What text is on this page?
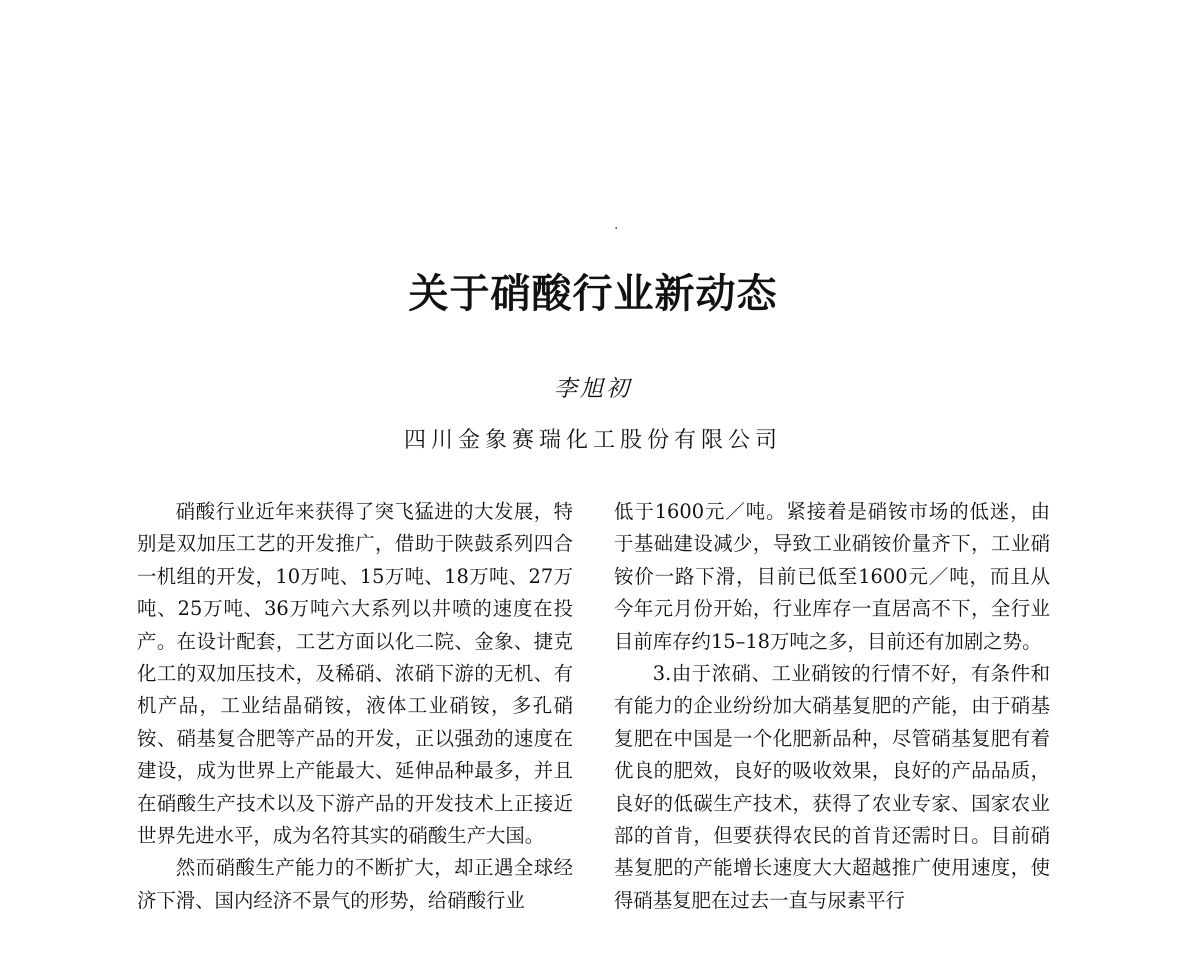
·
关于硝酸行业新动态
李旭初
四川金象赛瑞化工股份有限公司

硝酸行业近年来获得了突飞猛进的大发展，特别是双加压工艺的开发推广，借助于陕鼓系列四合一机组的开发，10万吨、15万吨、18万吨、27万吨、25万吨、36万吨六大系列以井喷的速度在投产。在设计配套，工艺方面以化二院、金象、捷克化工的双加压技术，及稀硝、浓硝下游的无机、有机产品，工业结晶硝铵，液体工业硝铵，多孔硝铵、硝基复合肥等产品的开发，正以强劲的速度在建设，成为世界上产能最大、延伸品种最多，并且在硝酸生产技术以及下游产品的开发技术上正接近世界先进水平，成为名符其实的硝酸生产大国。

然而硝酸生产能力的不断扩大，却正遇全球经济下滑、国内经济不景气的形势，给硝酸行业

低于1600元／吨。紧接着是硝铵市场的低迷，由于基础建设减少，导致工业硝铵价量齐下，工业硝铵价一路下滑，目前已低至1600元／吨，而且从今年元月份开始，行业库存一直居高不下，全行业目前库存约15–18万吨之多，目前还有加剧之势。

3.由于浓硝、工业硝铵的行情不好，有条件和有能力的企业纷纷加大硝基复肥的产能，由于硝基复肥在中国是一个化肥新品种，尽管硝基复肥有着优良的肥效，良好的吸收效果，良好的产品品质，良好的低碳生产技术，获得了农业专家、国家农业部的首肯，但要获得农民的首肯还需时日。目前硝基复肥的产能增长速度大大超越推广使用速度，使得硝基复肥在过去一直与尿素平行
